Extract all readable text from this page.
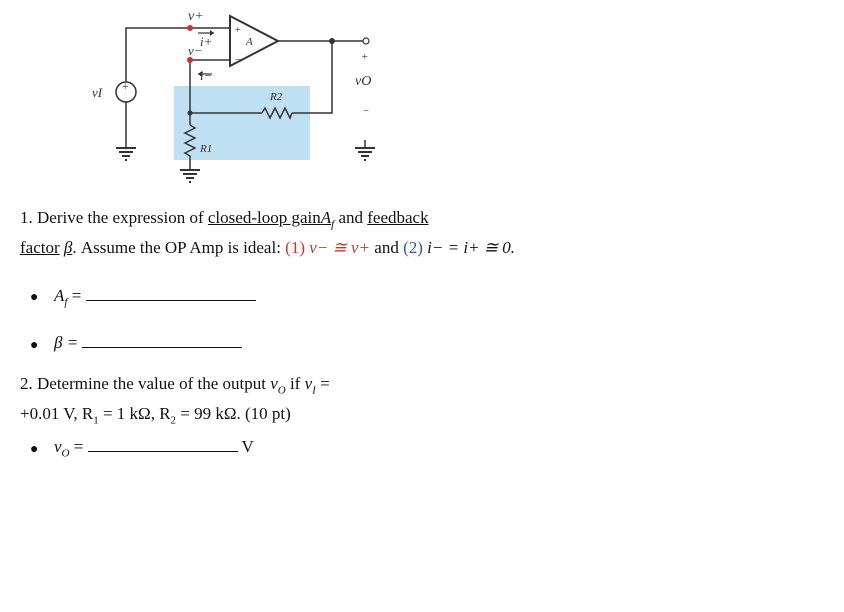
+
v+
i+
v−
i−
A
+
−
R1
R2
vI
vO
+
−
1. Derive the expression of closed-loop gainA$_f$ and feedback
factor β. Assume the OP Amp is ideal: (1) v− ≅ v+ and (2) i− = i+ ≅ 0.
● $A_f$ =
● β =
2. Determine the value of the output $v_O$ if $v_I$ =
+0.01 V, $R_1 = 1$ kΩ, $R_2 = 99$ kΩ. (10 pt)
● $v_O$ =	V
